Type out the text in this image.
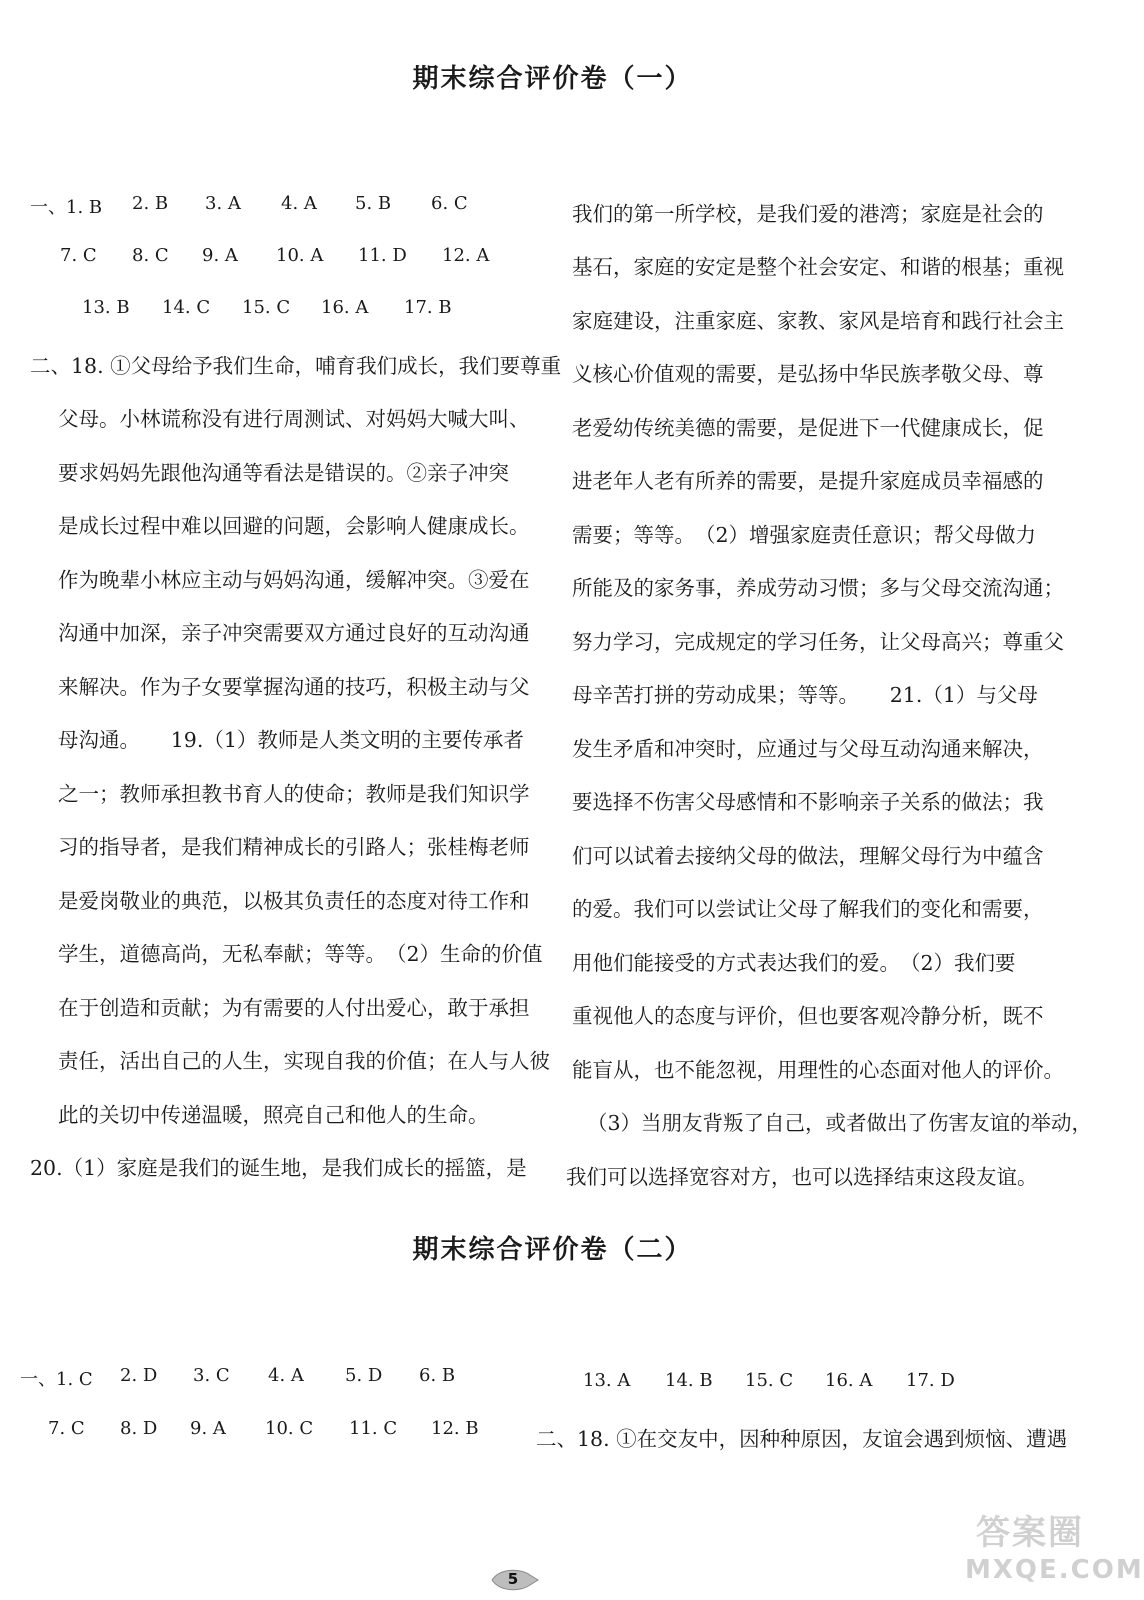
答案圈
MXQE.COM
期末综合评价卷（一）
一、1. B 2. B 3. A 4. A 5. B 6. C
7. C 8. C 9. A 10. A 11. D 12. A
13. B 14. C 15. C 16. A 17. B
二、18. ①父母给予我们生命，哺育我们成长，我们要尊重
父母。小林谎称没有进行周测试、对妈妈大喊大叫、
要求妈妈先跟他沟通等看法是错误的。②亲子冲突
是成长过程中难以回避的问题，会影响人健康成长。
作为晚辈小林应主动与妈妈沟通，缓解冲突。③爱在
沟通中加深，亲子冲突需要双方通过良好的互动沟通
来解决。作为子女要掌握沟通的技巧，积极主动与父
母沟通。　　19.（1）教师是人类文明的主要传承者
之一；教师承担教书育人的使命；教师是我们知识学
习的指导者，是我们精神成长的引路人；张桂梅老师
是爱岗敬业的典范，以极其负责任的态度对待工作和
学生，道德高尚，无私奉献；等等。　（2）生命的价值
在于创造和贡献；为有需要的人付出爱心，敢于承担
责任，活出自己的人生，实现自我的价值；在人与人彼
此的关切中传递温暖，照亮自己和他人的生命。
20.（1）家庭是我们的诞生地，是我们成长的摇篮，是
我们的第一所学校，是我们爱的港湾；家庭是社会的
基石，家庭的安定是整个社会安定、和谐的根基；重视
家庭建设，注重家庭、家教、家风是培育和践行社会主
义核心价值观的需要，是弘扬中华民族孝敬父母、尊
老爱幼传统美德的需要，是促进下一代健康成长，促
进老年人老有所养的需要，是提升家庭成员幸福感的
需要；等等。　（2）增强家庭责任意识；帮父母做力
所能及的家务事，养成劳动习惯；多与父母交流沟通；
努力学习，完成规定的学习任务，让父母高兴；尊重父
母辛苦打拼的劳动成果；等等。　　21.（1）与父母
发生矛盾和冲突时，应通过与父母互动沟通来解决，
要选择不伤害父母感情和不影响亲子关系的做法；我
们可以试着去接纳父母的做法，理解父母行为中蕴含
的爱。我们可以尝试让父母了解我们的变化和需要，
用他们能接受的方式表达我们的爱。　（2）我们要
重视他人的态度与评价，但也要客观冷静分析，既不
能盲从，也不能忽视，用理性的心态面对他人的评价。
（3）当朋友背叛了自己，或者做出了伤害友谊的举动，
我们可以选择宽容对方，也可以选择结束这段友谊。
期末综合评价卷（二）
一、1. C 2. D 3. C 4. A 5. D 6. B
7. C 8. D 9. A 10. C 11. C 12. B
13. A 14. B 15. C 16. A 17. D
二、18. ①在交友中，因种种原因，友谊会遇到烦恼、遭遇
5
